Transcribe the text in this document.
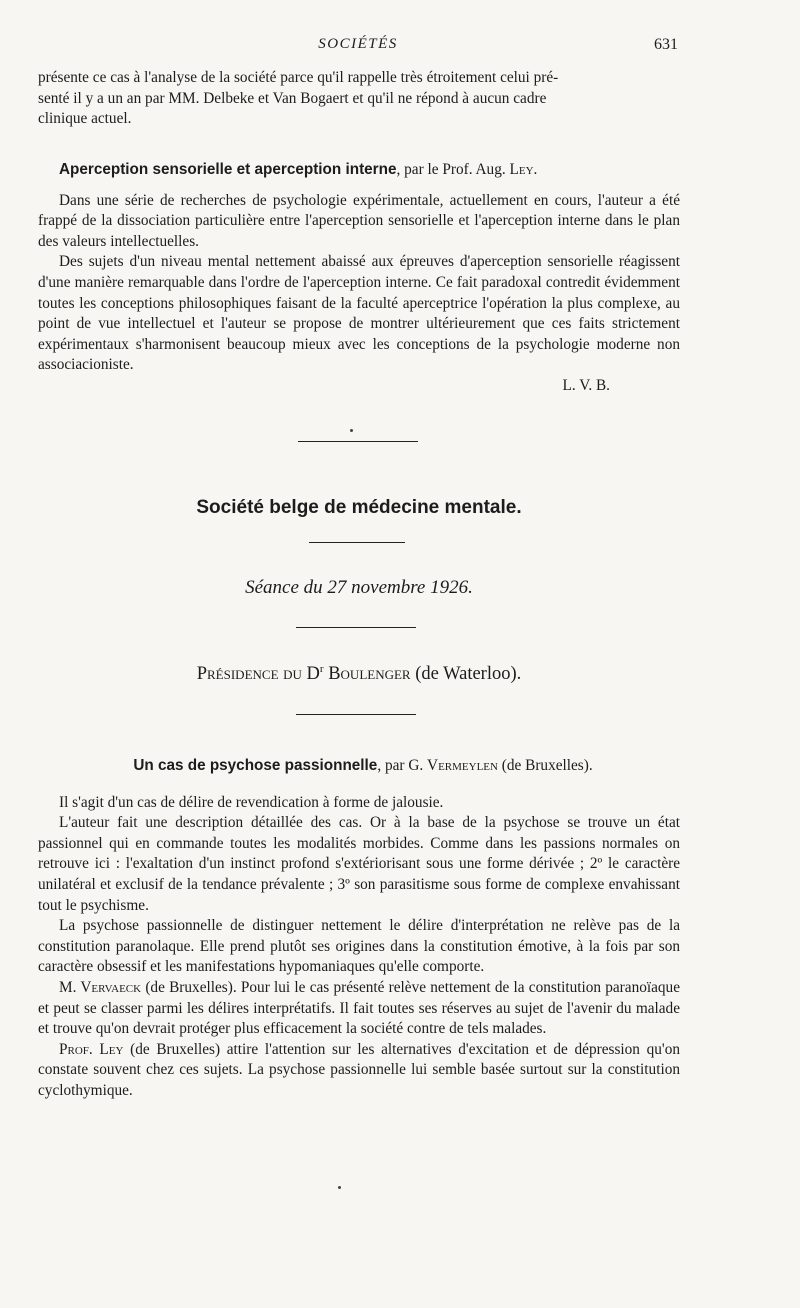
SOCIÉTÉS	631

présente ce cas à l'analyse de la société parce qu'il rappelle très étroitement celui pré-

senté il y a un an par MM. Delbeke et Van Bogaert et qu'il ne répond à aucun cadre

clinique actuel.

Aperception sensorielle et aperception interne, par le Prof. Aug. Ley.

Dans une série de recherches de psychologie expérimentale, actuellement en cours, l'auteur a été frappé de la dissociation particulière entre l'aperception sensorielle et l'aperception interne dans le plan des valeurs intellectuelles.

Des sujets d'un niveau mental nettement abaissé aux épreuves d'aperception sensorielle réagissent d'une manière remarquable dans l'ordre de l'aperception interne. Ce fait paradoxal contredit évidemment toutes les conceptions philosophiques faisant de la faculté aperceptrice l'opération la plus complexe, au point de vue intellectuel et l'auteur se propose de montrer ultérieurement que ces faits strictement expérimentaux s'harmonisent beaucoup mieux avec les conceptions de la psychologie moderne non associacioniste.

L. V. B.

Société belge de médecine mentale.
Séance du 27 novembre 1926.
Présidence du $D^r$ Boulenger (de Waterloo).

Un cas de psychose passionnelle, par G. Vermeylen (de Bruxelles).

Il s'agit d'un cas de délire de revendication à forme de jalousie.

L'auteur fait une description détaillée des cas. Or à la base de la psychose se trouve un état passionnel qui en commande toutes les modalités morbides. Comme dans les passions normales on retrouve ici : l'exaltation d'un instinct profond s'extériorisant sous une forme dérivée ; 2º le caractère unilatéral et exclusif de la tendance prévalente ; 3º son parasitisme sous forme de complexe envahissant tout le psychisme.

La psychose passionnelle de distinguer nettement le délire d'interprétation ne relève pas de la constitution paranolaque. Elle prend plutôt ses origines dans la constitution émotive, à la fois par son caractère obsessif et les manifestations hypomaniaques qu'elle comporte.

M. Vervaeck (de Bruxelles). Pour lui le cas présenté relève nettement de la constitution paranoïaque et peut se classer parmi les délires interprétatifs. Il fait toutes ses réserves au sujet de l'avenir du malade et trouve qu'on devrait protéger plus efficacement la société contre de tels malades.

Prof. Ley (de Bruxelles) attire l'attention sur les alternatives d'excitation et de dépression qu'on constate souvent chez ces sujets. La psychose passionnelle lui semble basée surtout sur la constitution cyclothymique.
